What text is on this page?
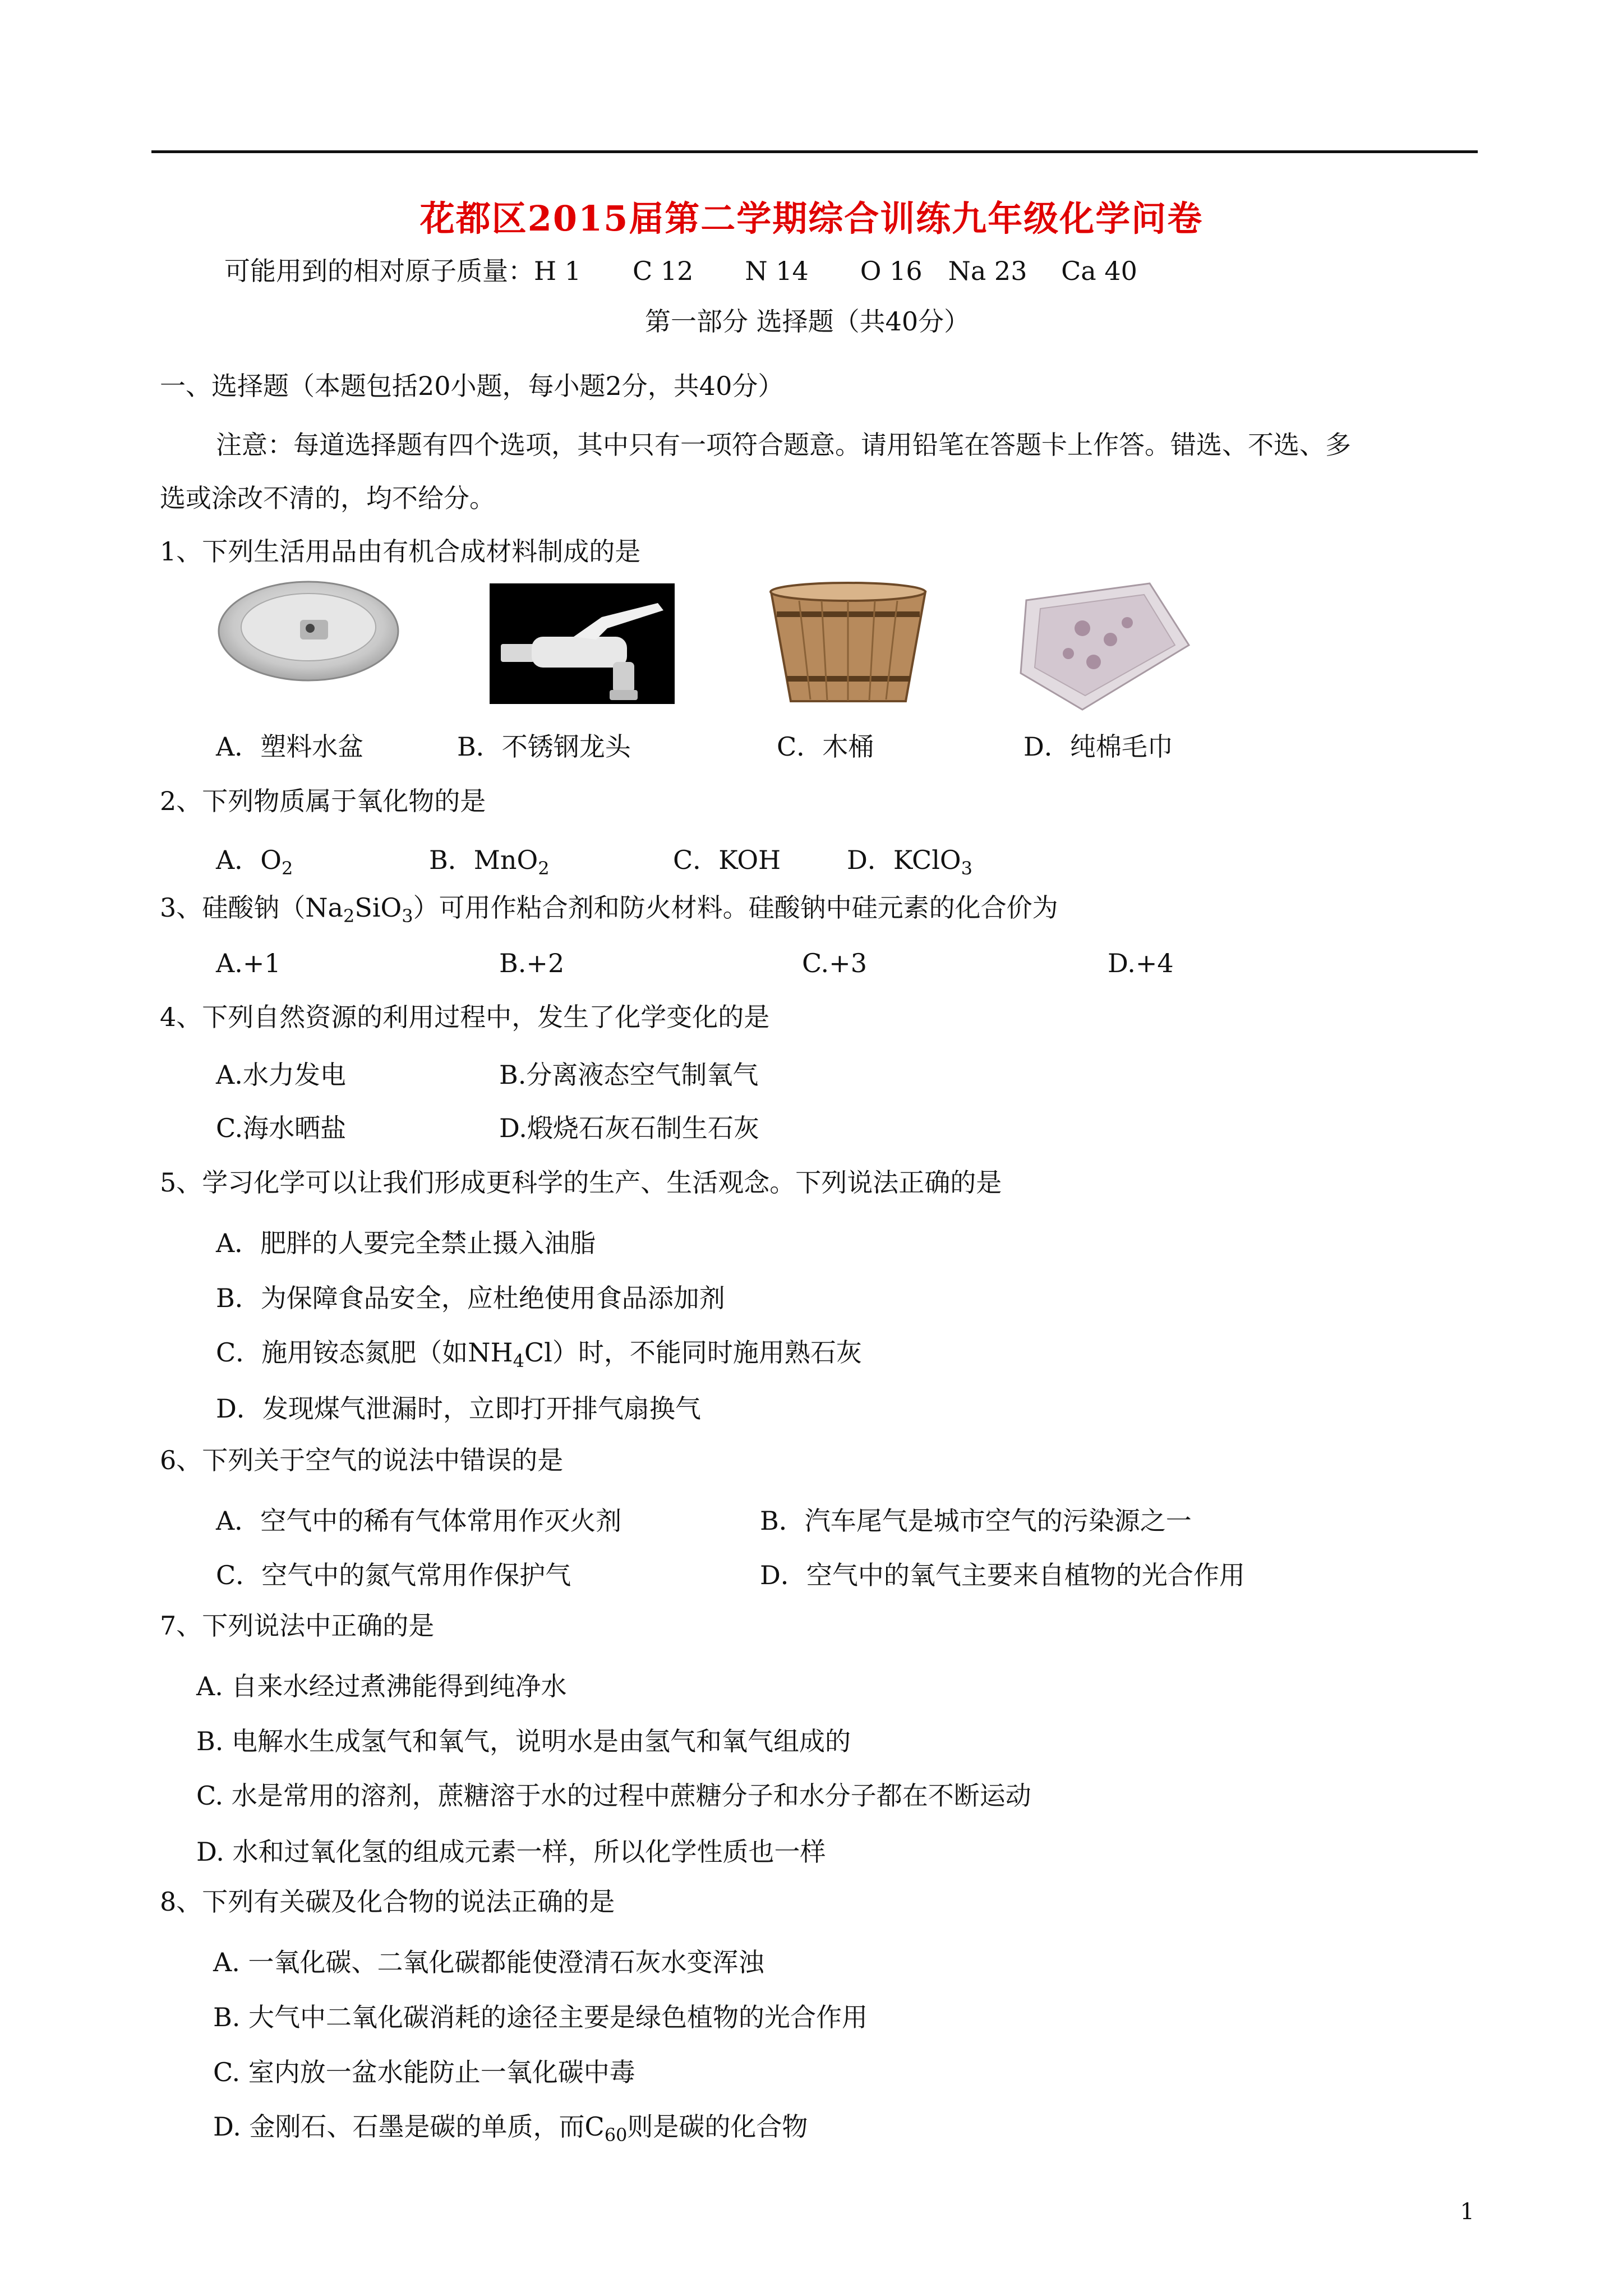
花都区2015届第二学期综合训练九年级化学问卷
可能用到的相对原子质量：H 1　　C 12　　N 14　　O 16　Na 23　 Ca 40
第一部分 选择题（共40分）
一、选择题（本题包括20小题，每小题2分，共40分）
注意：每道选择题有四个选项，其中只有一项符合题意。请用铅笔在答题卡上作答。错选、不选、多
选或涂改不清的，均不给分。
1、下列生活用品由有机合成材料制成的是
A．塑料水盆	B．不锈钢龙头	C．木桶	D．纯棉毛巾
2、下列物质属于氧化物的是
A．$O_2$	B．MnO$_2$	C．KOH	D．KClO$_3$
3、硅酸钠$(Na_2SiO_3)$可用作粘合剂和防火材料。硅酸钠中硅元素的化合价为
A.+1	B.+2	C.+3	D.+4
4、下列自然资源的利用过程中，发生了化学变化的是
A.水力发电	B.分离液态空气制氧气
C.海水晒盐	D.煅烧石灰石制生石灰
5、学习化学可以让我们形成更科学的生产、生活观念。下列说法正确的是
A．肥胖的人要完全禁止摄入油脂
B．为保障食品安全，应杜绝使用食品添加剂
C．施用铵态氮肥（如$NH_4Cl$）时，不能同时施用熟石灰
D．发现煤气泄漏时，立即打开排气扇换气
6、下列关于空气的说法中错误的是
A．空气中的稀有气体常用作灭火剂	B．汽车尾气是城市空气的污染源之一
C．空气中的氮气常用作保护气	D．空气中的氧气主要来自植物的光合作用
7、下列说法中正确的是
A. 自来水经过煮沸能得到纯净水
B. 电解水生成氢气和氧气，说明水是由氢气和氧气组成的
C. 水是常用的溶剂，蔗糖溶于水的过程中蔗糖分子和水分子都在不断运动
D. 水和过氧化氢的组成元素一样，所以化学性质也一样
8、下列有关碳及化合物的说法正确的是
A. 一氧化碳、二氧化碳都能使澄清石灰水变浑浊
B. 大气中二氧化碳消耗的途径主要是绿色植物的光合作用
C. 室内放一盆水能防止一氧化碳中毒
D. 金刚石、石墨是碳的单质，而$C_{60}$则是碳的化合物
1
